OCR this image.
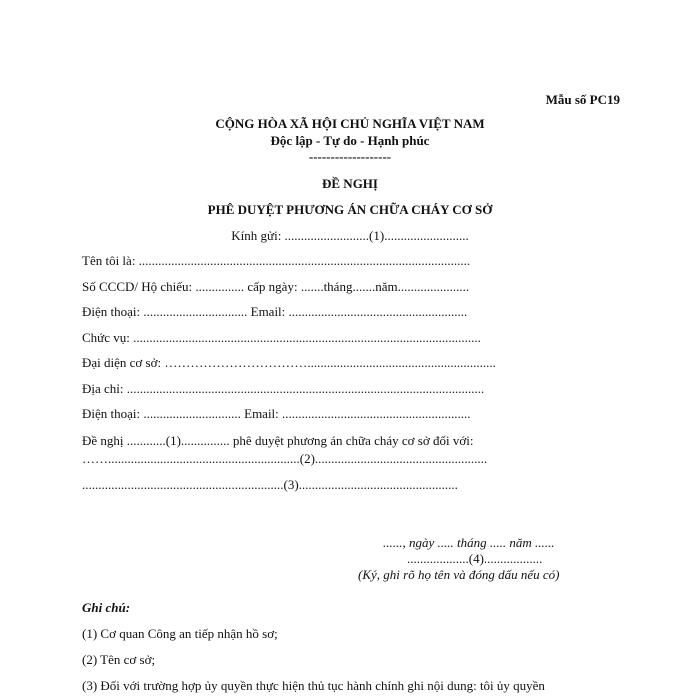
Mẫu số PC19
CỘNG HÒA XÃ HỘI CHỦ NGHĨA VIỆT NAM
Độc lập - Tự do - Hạnh phúc
-------------------
ĐỀ NGHỊ
PHÊ DUYỆT PHƯƠNG ÁN CHỮA CHÁY CƠ SỞ
Kính gửi: ..........................(1)..........................
Tên tôi là: ......................................................................................................
Số CCCD/ Hộ chiếu: ............... cấp ngày: .......tháng.......năm......................
Điện thoại: ................................ Email: .......................................................
Chức vụ: ...........................................................................................................
Đại diện cơ sở: ……………………………..........................................................
Địa chỉ: ..............................................................................................................
Điện thoại: .............................. Email: ..........................................................
Đề nghị ............(1)............... phê duyệt phương án chữa cháy cơ sở đối với:
……...........................................................(2).....................................................
..............................................................(3).................................................
......, ngày ..... tháng ..... năm ......
...................(4)..................
(Ký, ghi rõ họ tên và đóng dấu nếu có)
Ghi chú:
(1) Cơ quan Công an tiếp nhận hồ sơ;
(2) Tên cơ sở;
(3) Đối với trường hợp ủy quyền thực hiện thủ tục hành chính ghi nội dung: tôi ủy quyền
